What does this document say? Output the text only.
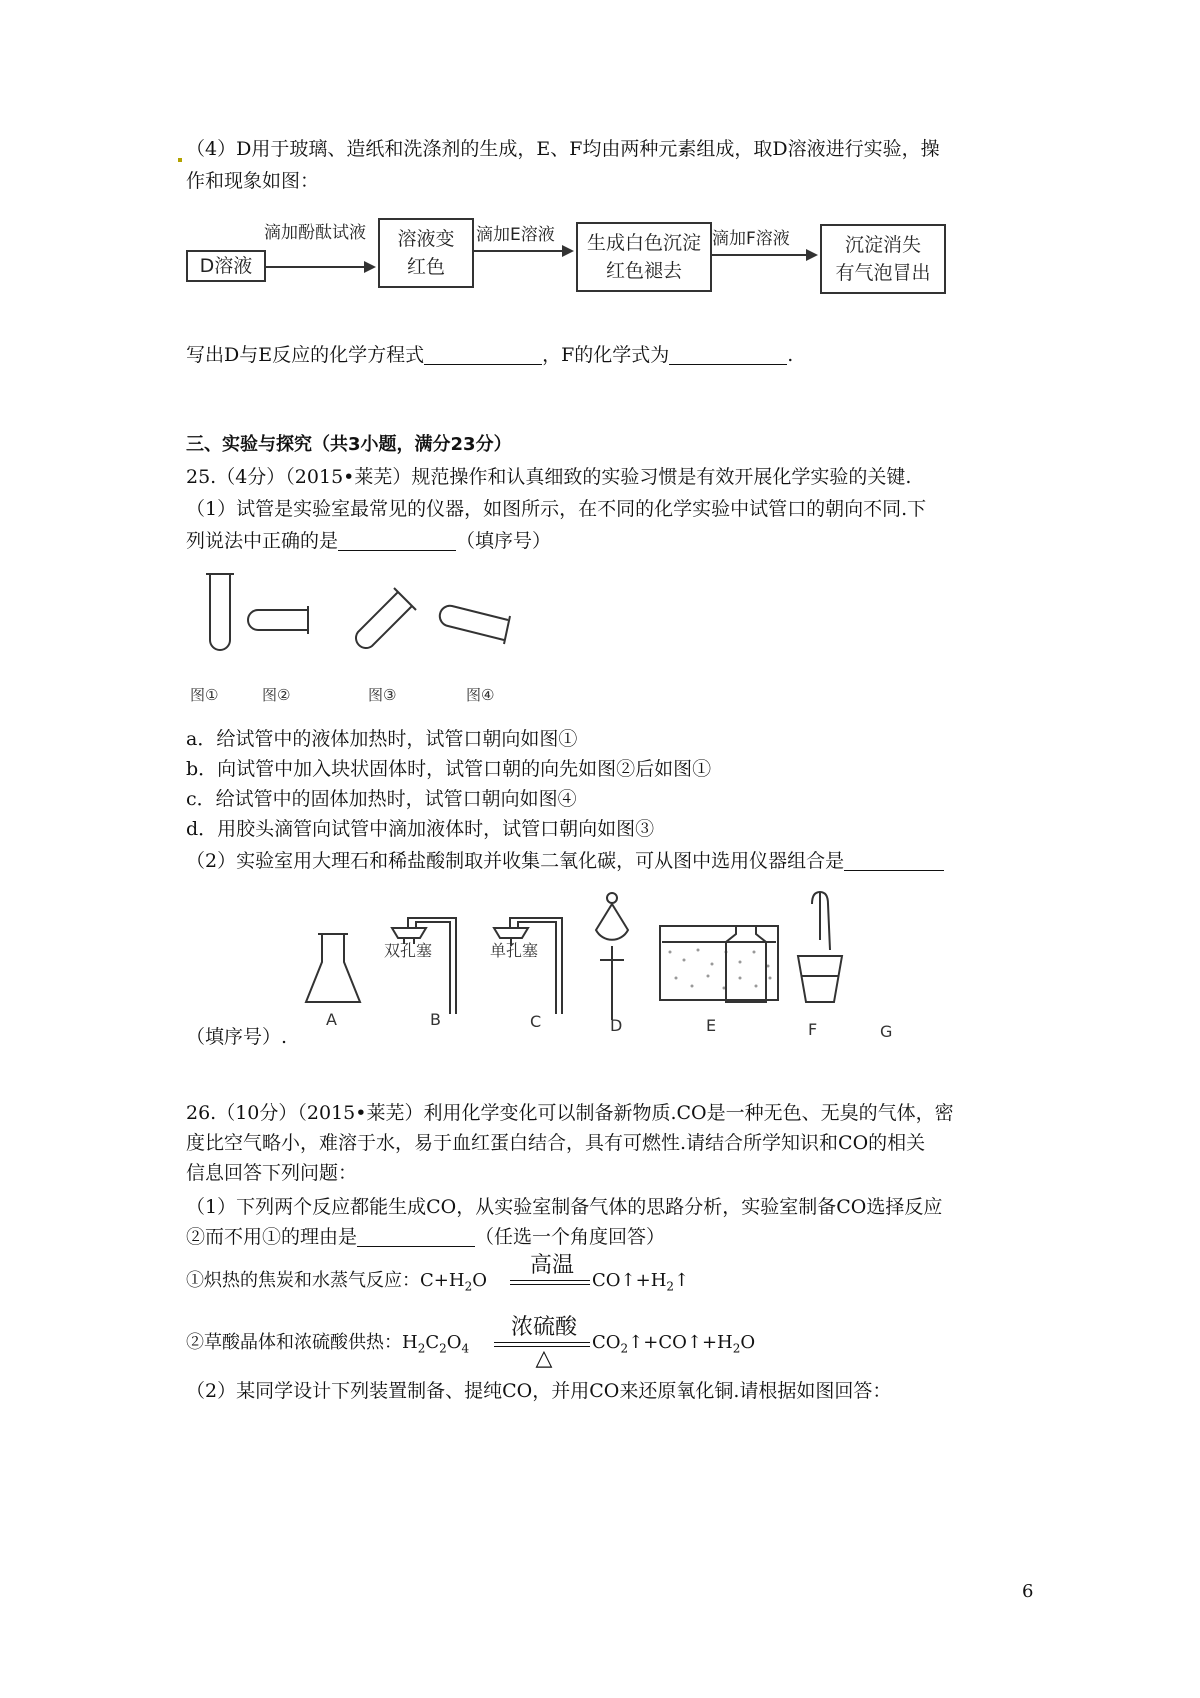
（4）D用于玻璃、造纸和洗涤剂的生成，E、F均由两种元素组成，取D溶液进行实验，操
作和现象如图：
D溶液
滴加酚酞试液 溶液变
红色
滴加E溶液 生成白色沉淀
红色褪去
滴加F溶液	沉淀消失
有气泡冒出
写出D与E反应的化学方程式	，F的化学式为	.
三、实验与探究（共3小题，满分23分）
25.（4分）（2015•莱芜）规范操作和认真细致的实验习惯是有效开展化学实验的关键.
（1）试管是实验室最常见的仪器，如图所示，在不同的化学实验中试管口的朝向不同.下
列说法中正确的是	（填序号）
图①	图②	图③	图④
a．给试管中的液体加热时，试管口朝向如图①
b．向试管中加入块状固体时，试管口朝的向先如图②后如图①
c．给试管中的固体加热时，试管口朝向如图④
d．用胶头滴管向试管中滴加液体时，试管口朝向如图③
（2）实验室用大理石和稀盐酸制取并收集二氧化碳，可从图中选用仪器组合是
双孔塞	单孔塞
A	B	C	D	E	F	G
（填序号）.
26.（10分）（2015•莱芜）利用化学变化可以制备新物质.CO是一种无色、无臭的气体，密
度比空气略小，难溶于水，易于血红蛋白结合，具有可燃性.请结合所学知识和CO的相关
信息回答下列问题：
（1）下列两个反应都能生成CO，从实验室制备气体的思路分析，实验室制备CO选择反应
②而不用①的理由是	（任选一个角度回答）
①炽热的焦炭和水蒸气反应：$C+H_2O$
高温
$CO↑+H_2↑$
②草酸晶体和浓硫酸供热：$H_2C_2O_4$
浓硫酸
△
$CO_2↑+CO↑+H_2O$
（2）某同学设计下列装置制备、提纯CO，并用CO来还原氧化铜.请根据如图回答：
6
